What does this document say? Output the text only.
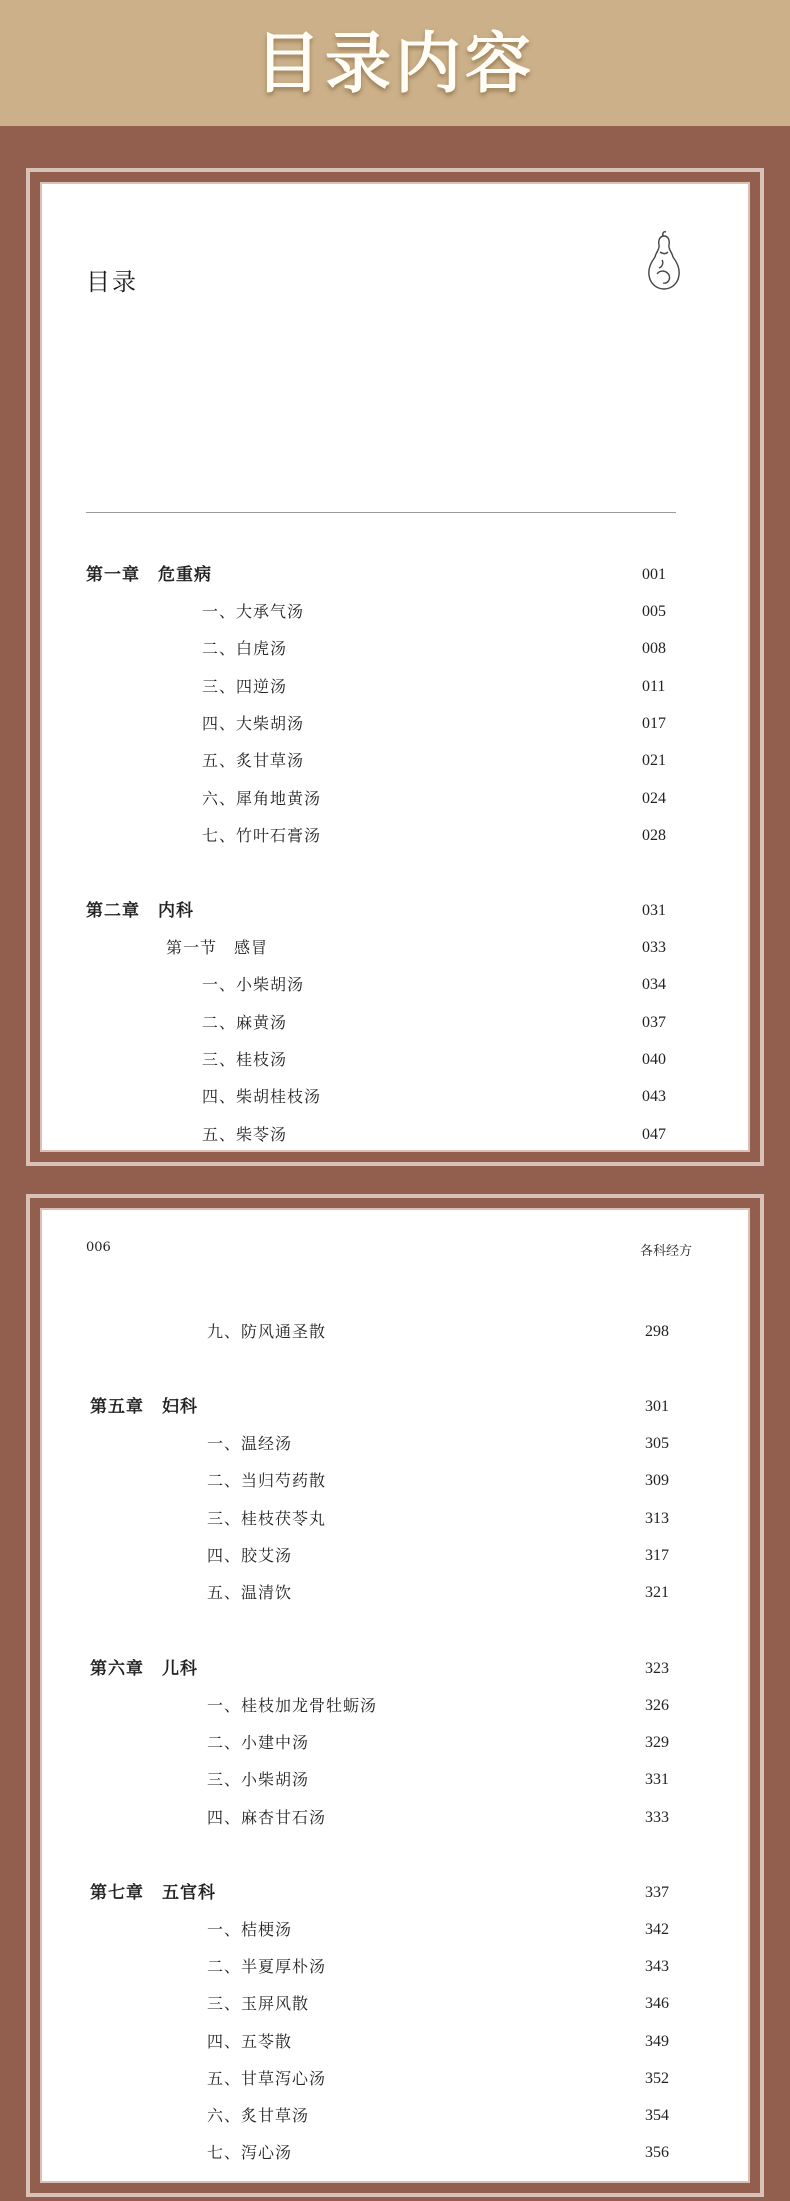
目录内容
目录
第一章　危重病	001
一、大承气汤	005
二、白虎汤	008
三、四逆汤	011
四、大柴胡汤	017
五、炙甘草汤	021
六、犀角地黄汤	024
七、竹叶石膏汤	028
第二章　内科	031
第一节　感冒	033
一、小柴胡汤	034
二、麻黄汤	037
三、桂枝汤	040
四、柴胡桂枝汤	043
五、柴苓汤	047
006	各科经方
九、防风通圣散	298
第五章　妇科	301
一、温经汤	305
二、当归芍药散	309
三、桂枝茯苓丸	313
四、胶艾汤	317
五、温清饮	321
第六章　儿科	323
一、桂枝加龙骨牡蛎汤	326
二、小建中汤	329
三、小柴胡汤	331
四、麻杏甘石汤	333
第七章　五官科	337
一、桔梗汤	342
二、半夏厚朴汤	343
三、玉屏风散	346
四、五苓散	349
五、甘草泻心汤	352
六、炙甘草汤	354
七、泻心汤	356
